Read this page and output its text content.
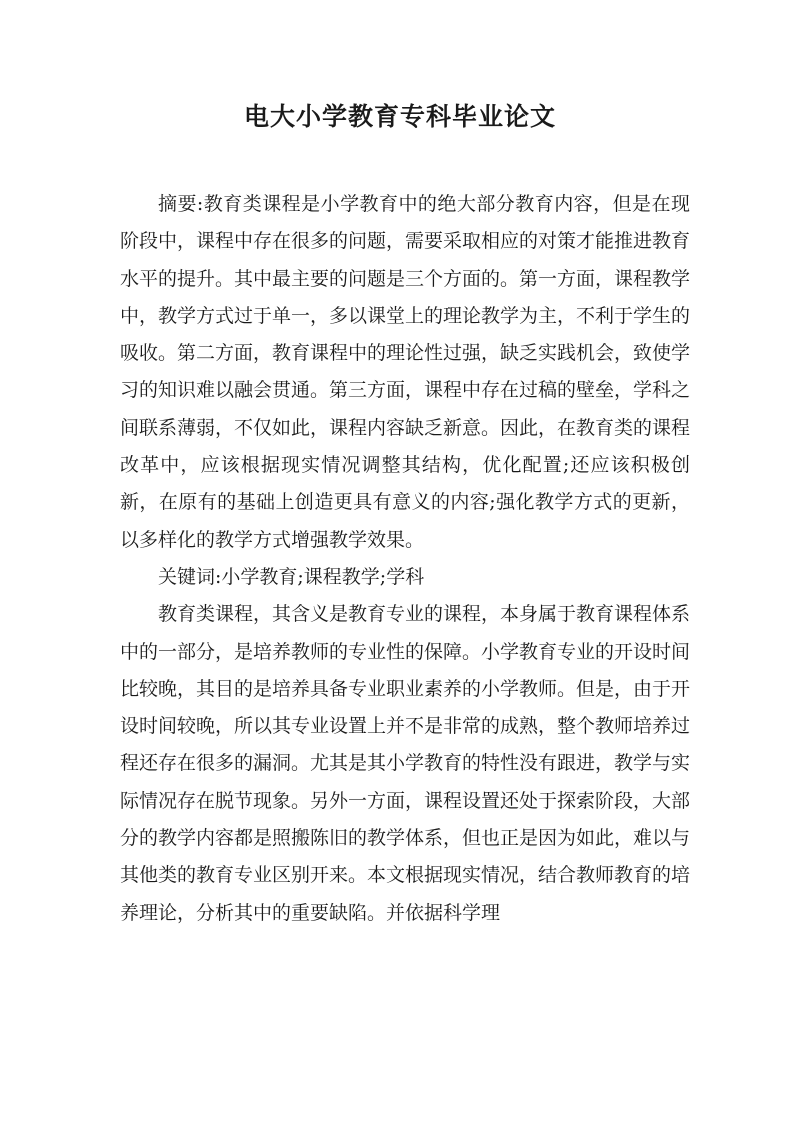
电大小学教育专科毕业论文

摘要:教育类课程是小学教育中的绝大部分教育内容，但是在现阶段中，课程中存在很多的问题，需要采取相应的对策才能推进教育水平的提升。其中最主要的问题是三个方面的。第一方面，课程教学中，教学方式过于单一，多以课堂上的理论教学为主，不利于学生的吸收。第二方面，教育课程中的理论性过强，缺乏实践机会，致使学习的知识难以融会贯通。第三方面，课程中存在过稿的壁垒，学科之间联系薄弱，不仅如此，课程内容缺乏新意。因此，在教育类的课程改革中，应该根据现实情况调整其结构，优化配置;还应该积极创新，在原有的基础上创造更具有意义的内容;强化教学方式的更新，以多样化的教学方式增强教学效果。

关键词:小学教育;课程教学;学科

教育类课程，其含义是教育专业的课程，本身属于教育课程体系中的一部分，是培养教师的专业性的保障。小学教育专业的开设时间比较晚，其目的是培养具备专业职业素养的小学教师。但是，由于开设时间较晚，所以其专业设置上并不是非常的成熟，整个教师培养过程还存在很多的漏洞。尤其是其小学教育的特性没有跟进，教学与实际情况存在脱节现象。另外一方面，课程设置还处于探索阶段，大部分的教学内容都是照搬陈旧的教学体系，但也正是因为如此，难以与其他类的教育专业区别开来。本文根据现实情况，结合教师教育的培养理论，分析其中的重要缺陷。并依据科学理
